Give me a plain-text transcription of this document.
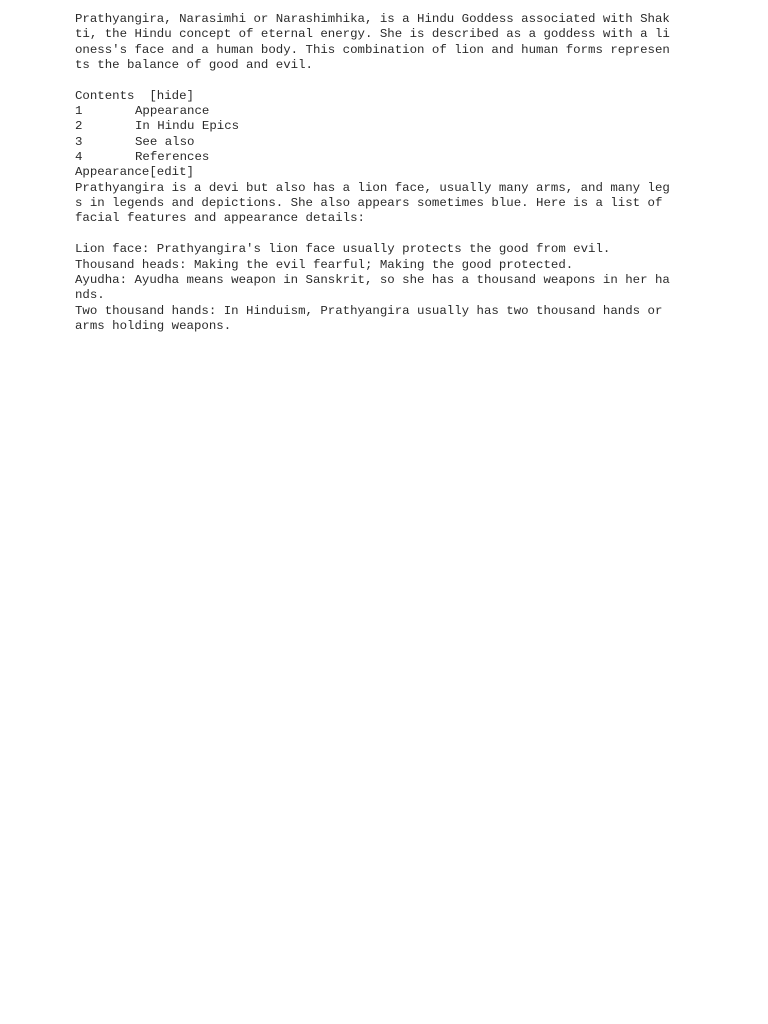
Prathyangira, Narasimhi or Narashimhika, is a Hindu Goddess associated with Shak
ti, the Hindu concept of eternal energy. She is described as a goddess with a li
oness's face and a human body. This combination of lion and human forms represen
ts the balance of good and evil.
Contents [hide]
1	Appearance
2	In Hindu Epics
3	See also
4	References
Appearance[edit]
Prathyangira is a devi but also has a lion face, usually many arms, and many leg
s in legends and depictions. She also appears sometimes blue. Here is a list of
facial features and appearance details:
Lion face: Prathyangira's lion face usually protects the good from evil.
Thousand heads: Making the evil fearful; Making the good protected.
Ayudha: Ayudha means weapon in Sanskrit, so she has a thousand weapons in her ha
nds.
Two thousand hands: In Hinduism, Prathyangira usually has two thousand hands or
arms holding weapons.
